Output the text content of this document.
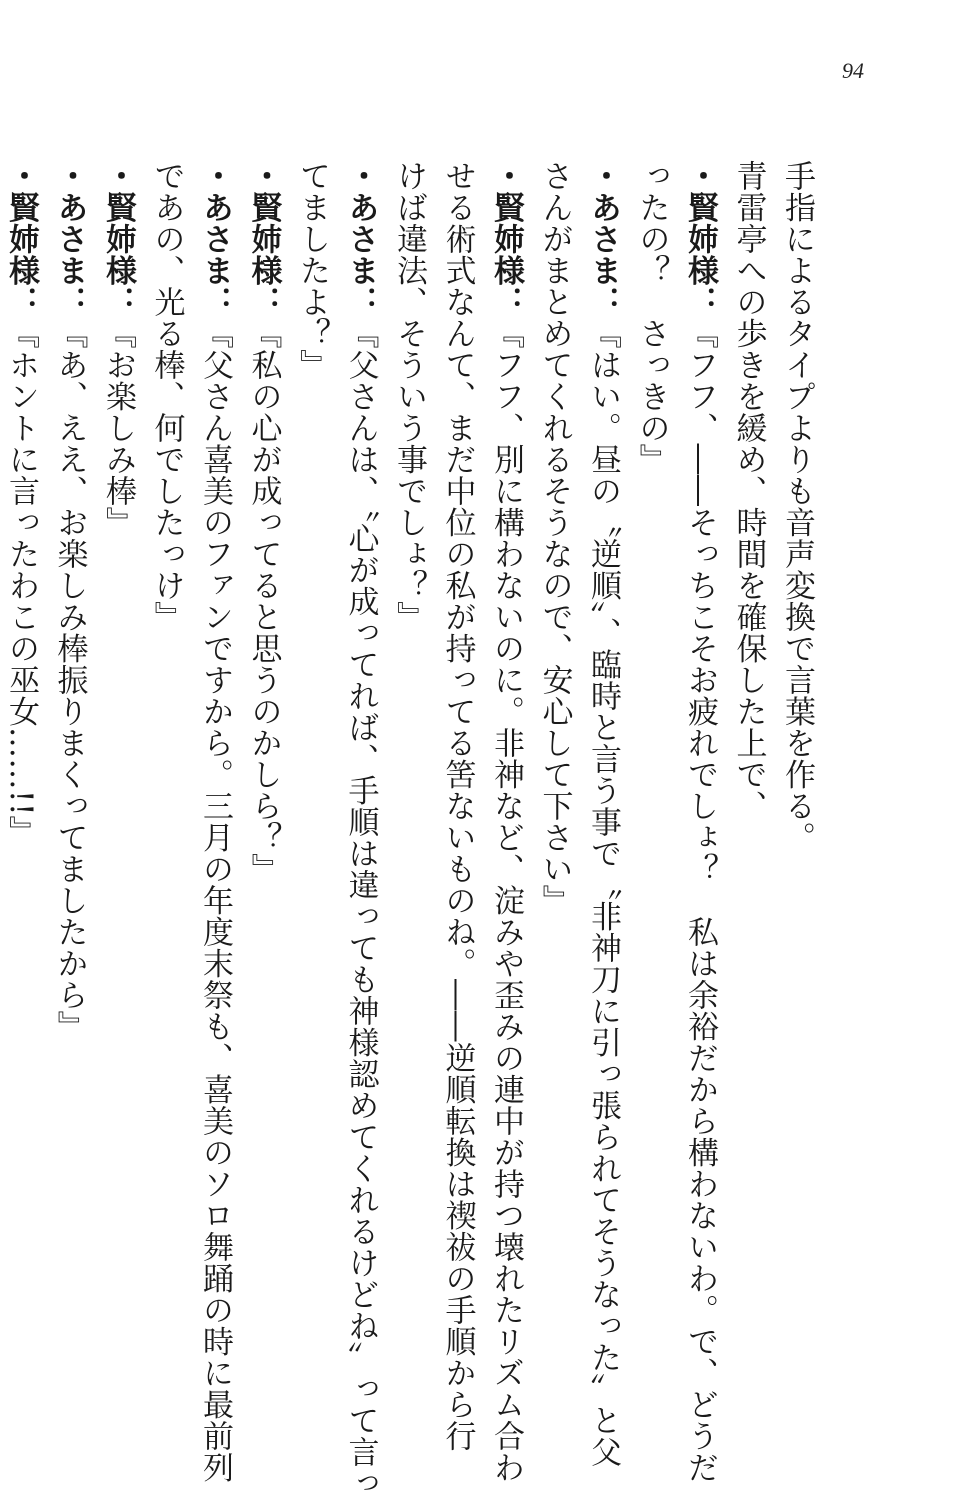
94
手指によるタイプよりも音声変換で言葉を作る。
青雷亭への歩きを緩め、時間を確保した上で、
・賢姉様：『フフ、――そっちこそお疲れでしょ？　私は余裕だから構わないわ。で、どうだ
ったの？　さっきの』
・あさま：『はい。昼の〝逆順〟、臨時と言う事で〝非神刀に引っ張られてそうなった〟と父
さんがまとめてくれるそうなので、安心して下さい』
・賢姉様：『フフ、別に構わないのに。非神など、淀みや歪みの連中が持つ壊れたリズム合わ
せる術式なんて、まだ中位の私が持ってる筈ないものね。――逆順転換は禊祓の手順から行
けば違法、そういう事でしょ？』
・あさま：『父さんは、〝心が成ってれば、手順は違っても神様認めてくれるけどね〟って言っ
てましたよ？』
・賢姉様：『私の心が成ってると思うのかしら？』
・あさま：『父さん喜美のファンですから。三月の年度末祭も、喜美のソロ舞踊の時に最前列
であの、光る棒、何でしたっけ』
・賢姉様：『お楽しみ棒』
・あさま：『あ、ええ、お楽しみ棒振りまくってましたから』
・賢姉様：『ホントに言ったわこの巫女……!!』
